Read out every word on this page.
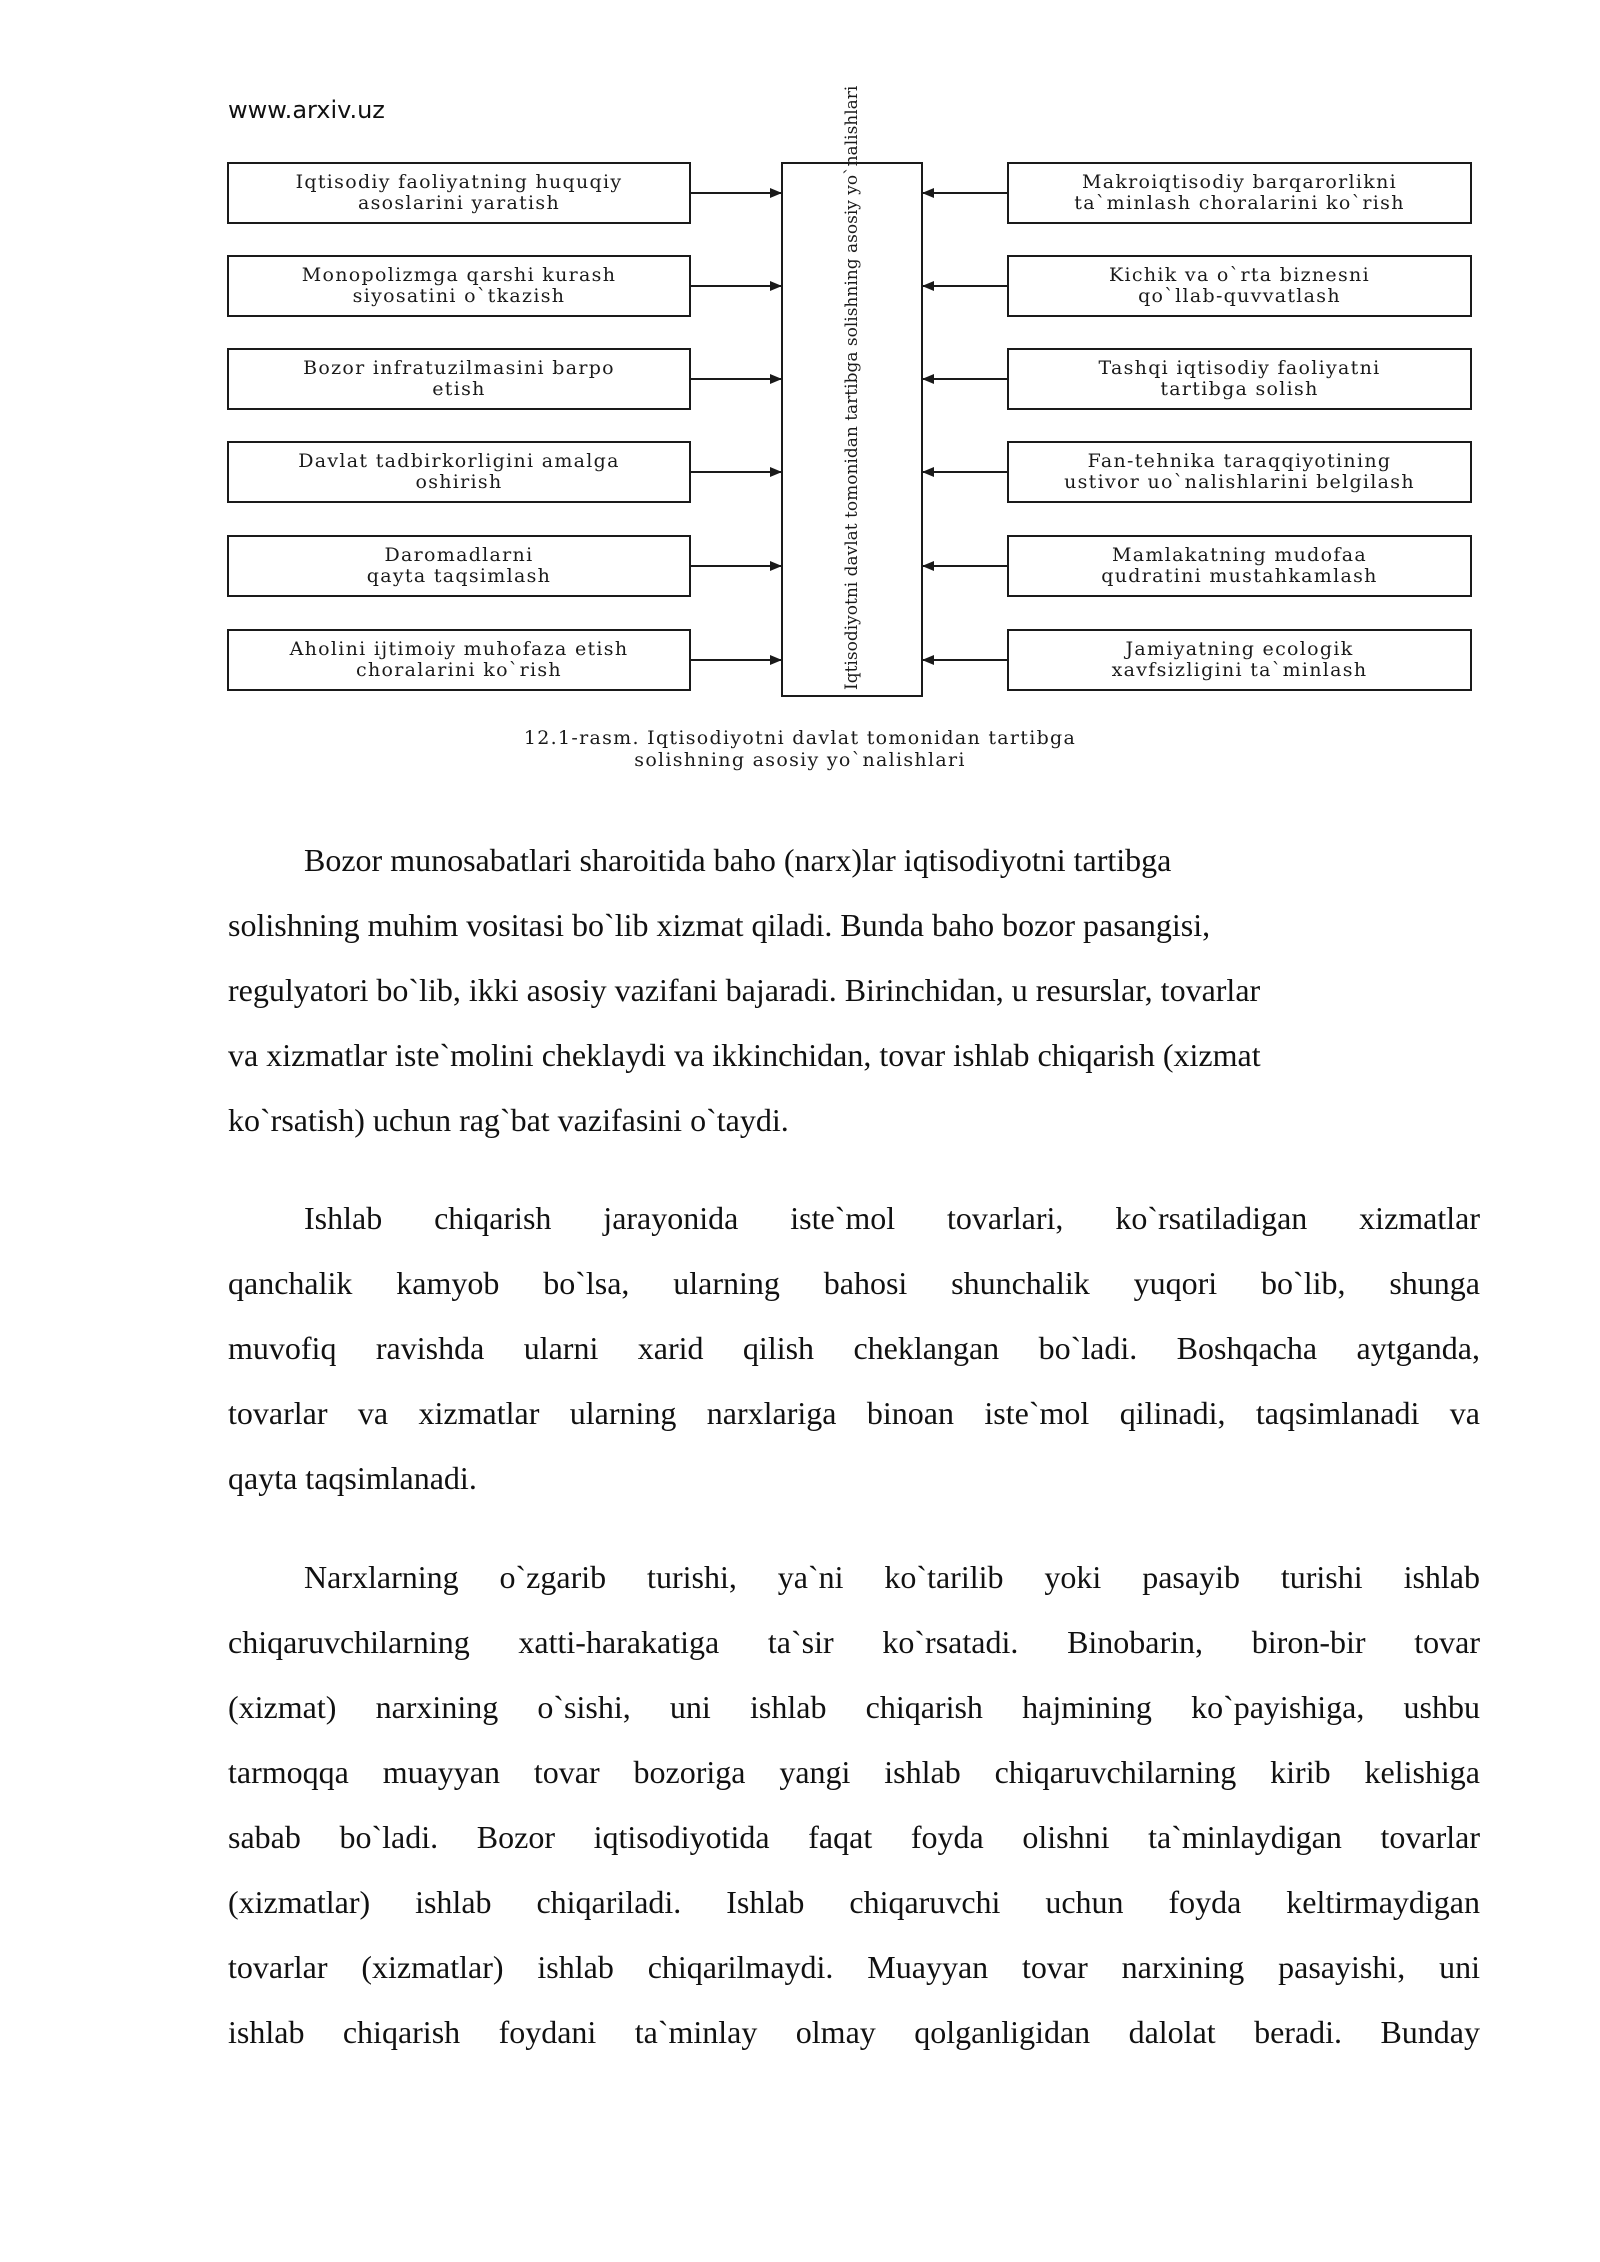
www.arxiv.uz
Iqtisodiy faoliyatning huquqiy
asoslarini yaratish
Monopolizmga qarshi kurash
siyosatini o`tkazish
Bozor infratuzilmasini barpo
etish
Davlat tadbirkorligini amalga
oshirish
Daromadlarni
qayta taqsimlash
Aholini ijtimoiy muhofaza etish
choralarini ko`rish	Iqtisodiyotni davlat tomonidan tartibga solishning asosiy yo`nalishlari	Makroiqtisodiy barqarorlikni
ta`minlash choralarini ko`rish
Kichik va o`rta biznesni
qo`llab-quvvatlash
Tashqi iqtisodiy faoliyatni
tartibga solish
Fan-tehnika taraqqiyotining
ustivor uo`nalishlarini belgilash
Mamlakatning mudofaa
qudratini mustahkamlash
Jamiyatning ecologik
xavfsizligini ta`minlash
12.1-rasm. Iqtisodiyotni davlat tomonidan tartibga
solishning asosiy yo`nalishlari
Bozor munosabatlari sharoitida baho (narx)lar iqtisodiyotni tartibga
solishning muhim vositasi bo`lib xizmat qiladi. Bunda baho bozor pasangisi,
regulyatori bo`lib, ikki asosiy vazifani bajaradi. Birinchidan, u resurslar, tovarlar
va xizmatlar iste`molini cheklaydi va ikkinchidan, tovar ishlab chiqarish (xizmat
ko`rsatish) uchun rag`bat vazifasini o`taydi.
Ishlab chiqarish jarayonida iste`mol tovarlari, ko`rsatiladigan xizmatlar
qanchalik kamyob bo`lsa, ularning bahosi shunchalik yuqori bo`lib, shunga
muvofiq ravishda ularni xarid qilish cheklangan bo`ladi. Boshqacha aytganda,
tovarlar va xizmatlar ularning narxlariga binoan iste`mol qilinadi, taqsimlanadi va
qayta taqsimlanadi.
Narxlarning o`zgarib turishi, ya`ni ko`tarilib yoki pasayib turishi ishlab
chiqaruvchilarning xatti-harakatiga ta`sir ko`rsatadi. Binobarin, biron-bir tovar
(xizmat) narxining o`sishi, uni ishlab chiqarish hajmining ko`payishiga, ushbu
tarmoqqa muayyan tovar bozoriga yangi ishlab chiqaruvchilarning kirib kelishiga
sabab bo`ladi. Bozor iqtisodiyotida faqat foyda olishni ta`minlaydigan tovarlar
(xizmatlar) ishlab chiqariladi. Ishlab chiqaruvchi uchun foyda keltirmaydigan
tovarlar (xizmatlar) ishlab chiqarilmaydi. Muayyan tovar narxining pasayishi, uni
ishlab chiqarish foydani ta`minlay olmay qolganligidan dalolat beradi. Bunday
